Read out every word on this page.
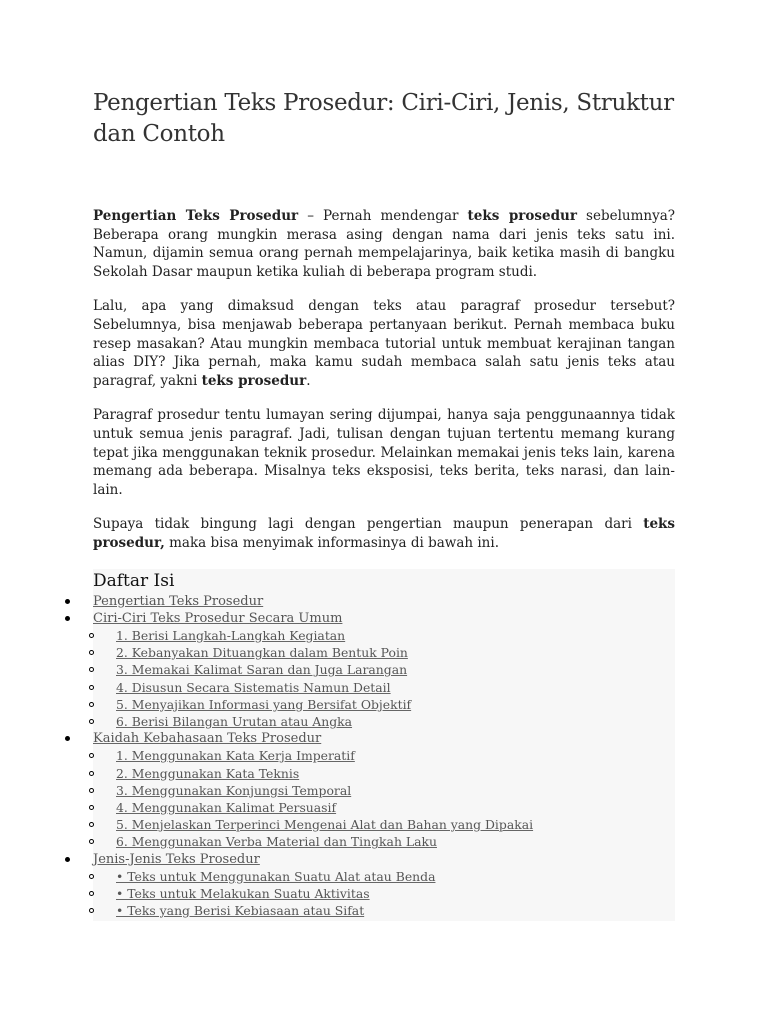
Pengertian Teks Prosedur: Ciri-Ciri, Jenis, Struktur dan Contoh

Pengertian Teks Prosedur – Pernah mendengar teks prosedur sebelumnya? Beberapa orang mungkin merasa asing dengan nama dari jenis teks satu ini. Namun, dijamin semua orang pernah mempelajarinya, baik ketika masih di bangku Sekolah Dasar maupun ketika kuliah di beberapa program studi.

Lalu, apa yang dimaksud dengan teks atau paragraf prosedur tersebut? Sebelumnya, bisa menjawab beberapa pertanyaan berikut. Pernah membaca buku resep masakan? Atau mungkin membaca tutorial untuk membuat kerajinan tangan alias DIY? Jika pernah, maka kamu sudah membaca salah satu jenis teks atau paragraf, yakni teks prosedur.

Paragraf prosedur tentu lumayan sering dijumpai, hanya saja penggunaannya tidak untuk semua jenis paragraf. Jadi, tulisan dengan tujuan tertentu memang kurang tepat jika menggunakan teknik prosedur. Melainkan memakai jenis teks lain, karena memang ada beberapa. Misalnya teks eksposisi, teks berita, teks narasi, dan lain-lain.

Supaya tidak bingung lagi dengan pengertian maupun penerapan dari teks prosedur, maka bisa menyimak informasinya di bawah ini.

Daftar Isi
Pengertian Teks Prosedur
Ciri-Ciri Teks Prosedur Secara Umum
1. Berisi Langkah-Langkah Kegiatan
2. Kebanyakan Dituangkan dalam Bentuk Poin
3. Memakai Kalimat Saran dan Juga Larangan
4. Disusun Secara Sistematis Namun Detail
5. Menyajikan Informasi yang Bersifat Objektif
6. Berisi Bilangan Urutan atau Angka
Kaidah Kebahasaan Teks Prosedur
1. Menggunakan Kata Kerja Imperatif
2. Menggunakan Kata Teknis
3. Menggunakan Konjungsi Temporal
4. Menggunakan Kalimat Persuasif
5. Menjelaskan Terperinci Mengenai Alat dan Bahan yang Dipakai
6. Menggunakan Verba Material dan Tingkah Laku
Jenis-Jenis Teks Prosedur
• Teks untuk Menggunakan Suatu Alat atau Benda
• Teks untuk Melakukan Suatu Aktivitas
• Teks yang Berisi Kebiasaan atau Sifat
